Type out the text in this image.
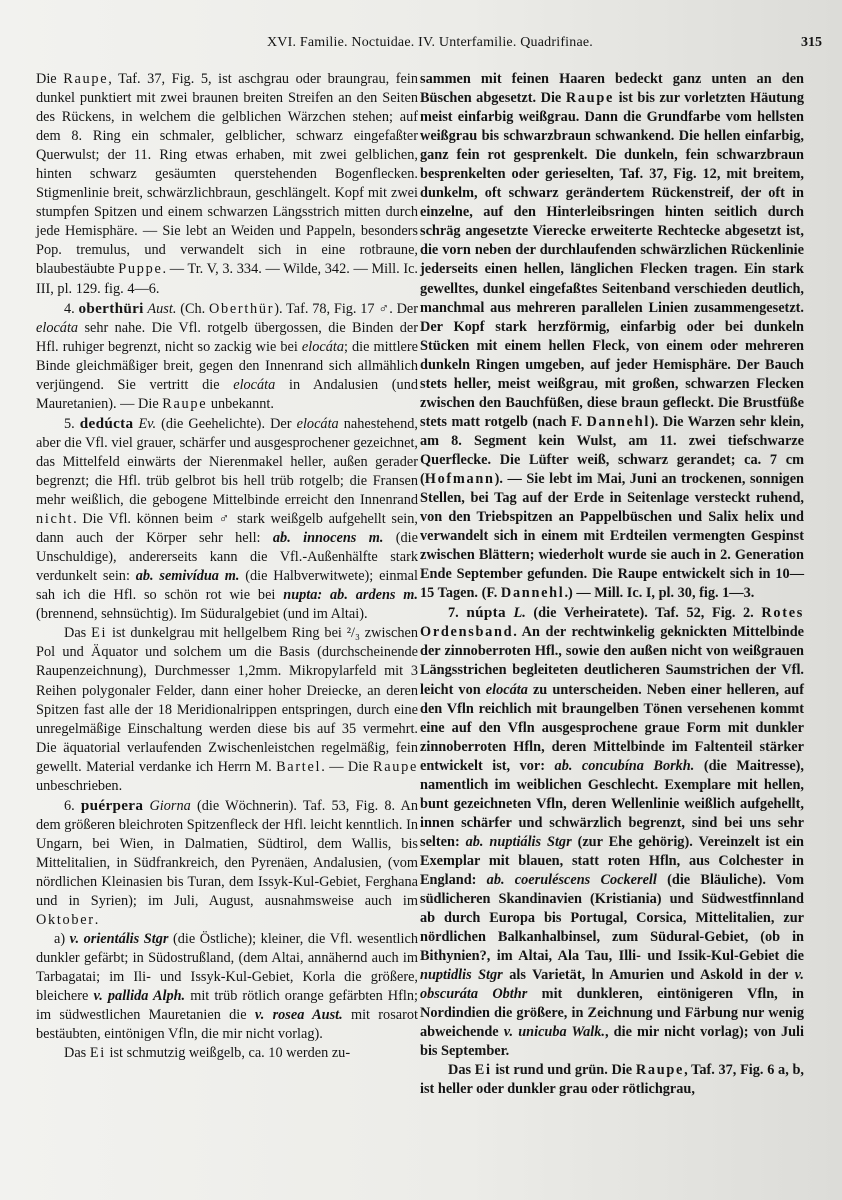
XVI. Familie. Noctuidae. IV. Unterfamilie. Quadrifinae.	315

Die Raupe, Taf. 37, Fig. 5, ist aschgrau oder braungrau, fein dunkel punktiert mit zwei braunen breiten Streifen an den Seiten des Rückens, in welchem die gelblichen Wärzchen stehen; auf dem 8. Ring ein schmaler, gelblicher, schwarz eingefaßter Querwulst; der 11. Ring etwas erhaben, mit zwei gelblichen, hinten schwarz gesäumten querstehenden Bogenflecken. Stigmenlinie breit, schwärzlichbraun, geschlängelt. Kopf mit zwei stumpfen Spitzen und einem schwarzen Längsstrich mitten durch jede Hemisphäre. — Sie lebt an Weiden und Pappeln, besonders Pop. tremulus, und verwandelt sich in eine rotbraune, blaubestäubte Puppe. — Tr. V, 3. 334. — Wilde, 342. — Mill. Ic. III, pl. 129. fig. 4—6.

4. oberthüri Aust. (Ch. Oberthür). Taf. 78, Fig. 17 ♂. Der elocáta sehr nahe. Die Vfl. rotgelb übergossen, die Binden der Hfl. ruhiger begrenzt, nicht so zackig wie bei elocáta; die mittlere Binde gleichmäßiger breit, gegen den Innenrand sich allmählich verjüngend. Sie vertritt die elocáta in Andalusien (und Mauretanien). — Die Raupe unbekannt.

5. dedúcta Ev. (die Geehelichte). Der elocáta nahestehend, aber die Vfl. viel grauer, schärfer und ausgesprochener gezeichnet, das Mittelfeld einwärts der Nierenmakel heller, außen gerader begrenzt; die Hfl. trüb gelbrot bis hell trüb rotgelb; die Fransen mehr weißlich, die gebogene Mittelbinde erreicht den Innenrand nicht. Die Vfl. können beim ♂ stark weißgelb aufgehellt sein, dann auch der Körper sehr hell: ab. innocens m. (die Unschuldige), andererseits kann die Vfl.-Außenhälfte stark verdunkelt sein: ab. semivídua m. (die Halbverwitwete); einmal sah ich die Hfl. so schön rot wie bei nupta: ab. ardens m. (brennend, sehnsüchtig). Im Süduralgebiet (und im Altai).

Das Ei ist dunkelgrau mit hellgelbem Ring bei ²/₃ zwischen Pol und Äquator und solchem um die Basis (durchscheinende Raupenzeichnung), Durchmesser 1,2mm. Mikropylarfeld mit 3 Reihen polygonaler Felder, dann einer hoher Dreiecke, an deren Spitzen fast alle der 18 Meridionalrippen entspringen, durch eine unregelmäßige Einschaltung werden diese bis auf 35 vermehrt. Die äquatorial verlaufenden Zwischenleistchen regelmäßig, fein gewellt. Material verdanke ich Herrn M. Bartel. — Die Raupe unbeschrieben.

6. puérpera Giorna (die Wöchnerin). Taf. 53, Fig. 8. An dem größeren bleichroten Spitzenfleck der Hfl. leicht kenntlich. In Ungarn, bei Wien, in Dalmatien, Südtirol, dem Wallis, bis Mittelitalien, in Südfrankreich, den Pyrenäen, Andalusien, (vom nördlichen Kleinasien bis Turan, dem Issyk-Kul-Gebiet, Ferghana und in Syrien); im Juli, August, ausnahmsweise auch im Oktober.

a) v. orientális Stgr (die Östliche); kleiner, die Vfl. wesentlich dunkler gefärbt; in Südostrußland, (dem Altai, annähernd auch im Tarbagatai; im Ili- und Issyk-Kul-Gebiet, Korla die größere, bleichere v. pallida Alph. mit trüb rötlich orange gefärbten Hfln; im südwestlichen Mauretanien die v. rosea Aust. mit rosarot bestäubten, eintönigen Vfln, die mir nicht vorlag).

Das Ei ist schmutzig weißgelb, ca. 10 werden zu-

sammen mit feinen Haaren bedeckt ganz unten an den Büschen abgesetzt. Die Raupe ist bis zur vorletzten Häutung meist einfarbig weißgrau. Dann die Grundfarbe vom hellsten weißgrau bis schwarzbraun schwankend. Die hellen einfarbig, ganz fein rot gesprenkelt. Die dunkeln, fein schwarzbraun besprenkelten oder gerieselten, Taf. 37, Fig. 12, mit breitem, dunkelm, oft schwarz gerändertem Rückenstreif, der oft in einzelne, auf den Hinterleibsringen hinten seitlich durch schräg angesetzte Vierecke erweiterte Rechtecke abgesetzt ist, die vorn neben der durchlaufenden schwärzlichen Rückenlinie jederseits einen hellen, länglichen Flecken tragen. Ein stark gewelltes, dunkel eingefaßtes Seitenband verschieden deutlich, manchmal aus mehreren parallelen Linien zusammengesetzt. Der Kopf stark herzförmig, einfarbig oder bei dunkeln Stücken mit einem hellen Fleck, von einem oder mehreren dunkeln Ringen umgeben, auf jeder Hemisphäre. Der Bauch stets heller, meist weißgrau, mit großen, schwarzen Flecken zwischen den Bauchfüßen, diese braun gefleckt. Die Brustfüße stets matt rotgelb (nach F. Dannehl). Die Warzen sehr klein, am 8. Segment kein Wulst, am 11. zwei tiefschwarze Querflecke. Die Lüfter weiß, schwarz gerandet; ca. 7 cm (Hofmann). — Sie lebt im Mai, Juni an trockenen, sonnigen Stellen, bei Tag auf der Erde in Seitenlage versteckt ruhend, von den Triebspitzen an Pappelbüschen und Salix helix und verwandelt sich in einem mit Erdteilen vermengten Gespinst zwischen Blättern; wiederholt wurde sie auch in 2. Generation Ende September gefunden. Die Raupe entwickelt sich in 10—15 Tagen. (F. Dannehl.) — Mill. Ic. I, pl. 30, fig. 1—3.

7. núpta L. (die Verheiratete). Taf. 52, Fig. 2. Rotes Ordensband. An der rechtwinkelig geknickten Mittelbinde der zinnoberroten Hfl., sowie den außen nicht von weißgrauen Längsstrichen begleiteten deutlicheren Saumstrichen der Vfl. leicht von elocáta zu unterscheiden. Neben einer helleren, auf den Vfln reichlich mit braungelben Tönen versehenen kommt eine auf den Vfln ausgesprochene graue Form mit dunkler zinnoberroten Hfln, deren Mittelbinde im Faltenteil stärker entwickelt ist, vor: ab. concubína Borkh. (die Maitresse), namentlich im weiblichen Geschlecht. Exemplare mit hellen, bunt gezeichneten Vfln, deren Wellenlinie weißlich aufgehellt, innen schärfer und schwärzlich begrenzt, sind bei uns sehr selten: ab. nuptiális Stgr (zur Ehe gehörig). Vereinzelt ist ein Exemplar mit blauen, statt roten Hfln, aus Colchester in England: ab. coeruléscens Cockerell (die Bläuliche). Vom südlicheren Skandinavien (Kristiania) und Südwestfinnland ab durch Europa bis Portugal, Corsica, Mittelitalien, zur nördlichen Balkanhalbinsel, zum Südural-Gebiet, (ob in Bithynien?, im Altai, Ala Tau, Illi- und Issik-Kul-Gebiet die nuptidlis Stgr als Varietät, ln Amurien und Askold in der v. obscuráta Obthr mit dunkleren, eintönigeren Vfln, in Nordindien die größere, in Zeichnung und Färbung nur wenig abweichende v. unicuba Walk., die mir nicht vorlag); von Juli bis September.

Das Ei ist rund und grün. Die Raupe, Taf. 37, Fig. 6 a, b, ist heller oder dunkler grau oder rötlichgrau,
